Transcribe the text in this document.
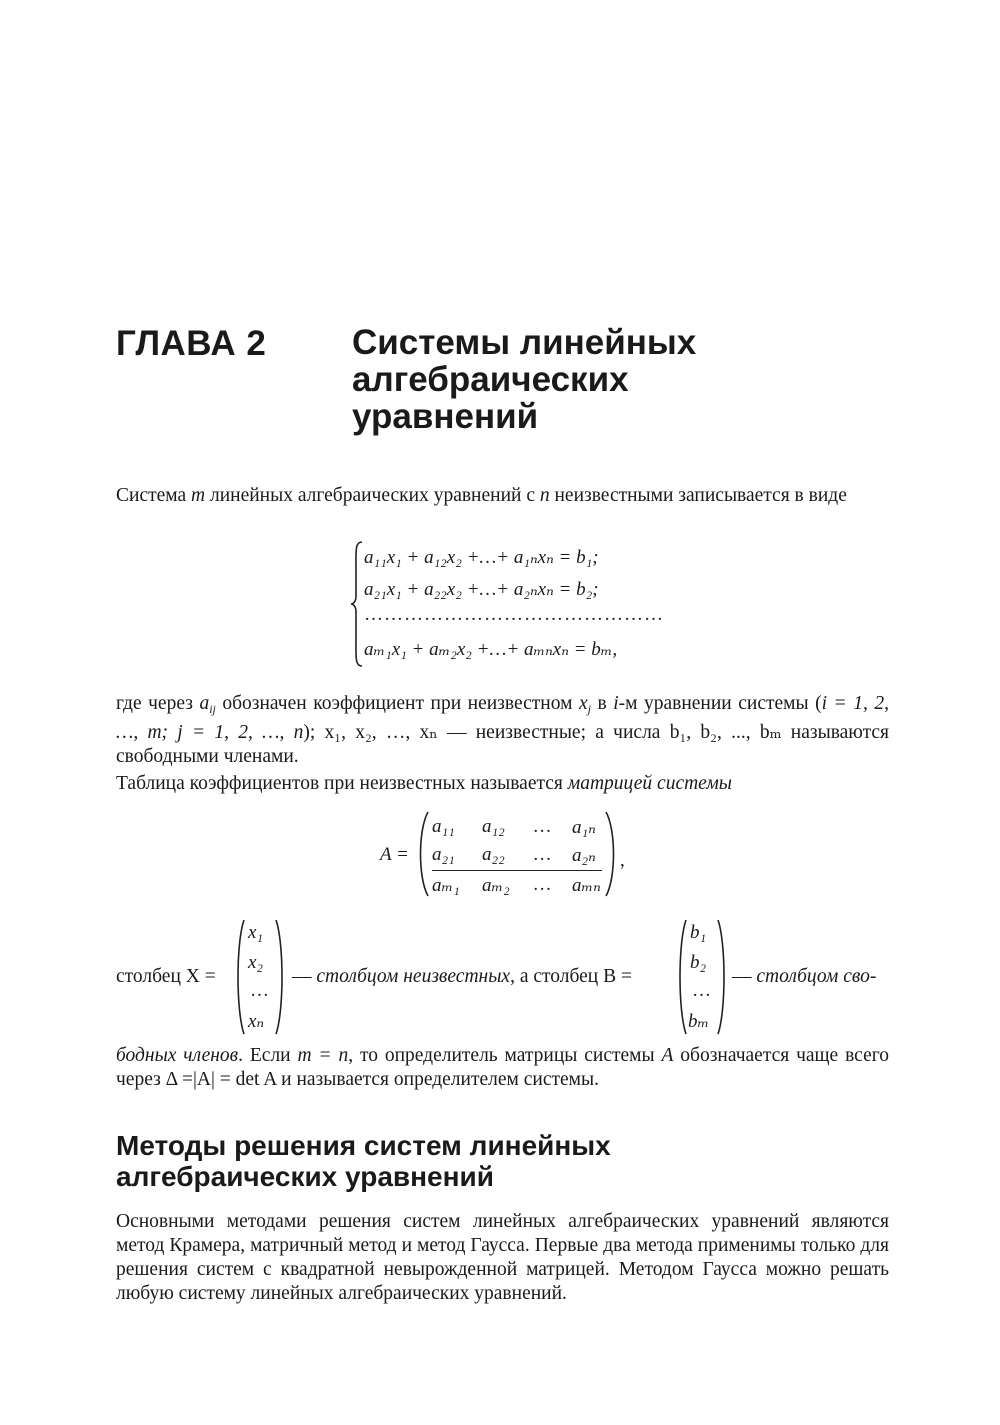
ГЛАВА 2 Системы линейных
алгебраических
уравнений
Система m линейных алгебраических уравнений с n неизвестными записывается в виде
a₁₁x₁ + a₁₂x₂ +…+ a₁ₙxₙ = b₁;
a₂₁x₁ + a₂₂x₂ +…+ a₂ₙxₙ = b₂;
………………………………………
aₘ₁x₁ + aₘ₂x₂ +…+ aₘₙxₙ = bₘ,
где через $a_{ij}$ обозначен коэффициент при неизвестном $x_j$ в i-м уравнении системы (i = 1, 2, …, m; j = 1, 2, …, n); x₁, x₂, …, xₙ — неизвестные; а числа b₁, b₂, ..., bₘ называются свободными членами.
Таблица коэффициентов при неизвестных называется матрицей системы
A =
a₁₁ a₁₂ … a₁ₙ
a₂₁ a₂₂ … a₂ₙ
aₘ₁ aₘ₂ … aₘₙ
,
столбец X =
x₁
x₂
…
xₙ
— столбцом неизвестных, а столбец B =
b₁
b₂
…
bₘ
— столбцом сво-
бодных членов. Если m = n, то определитель матрицы системы A обозначается чаще всего через Δ =|A| = det A и называется определителем системы.
Методы решения систем линейных
алгебраических уравнений
Основными методами решения систем линейных алгебраических уравнений являются метод Крамера, матричный метод и метод Гаусса. Первые два метода применимы только для решения систем с квадратной невырожденной матрицей. Методом Гаусса можно решать любую систему линейных алгебраических уравнений.
